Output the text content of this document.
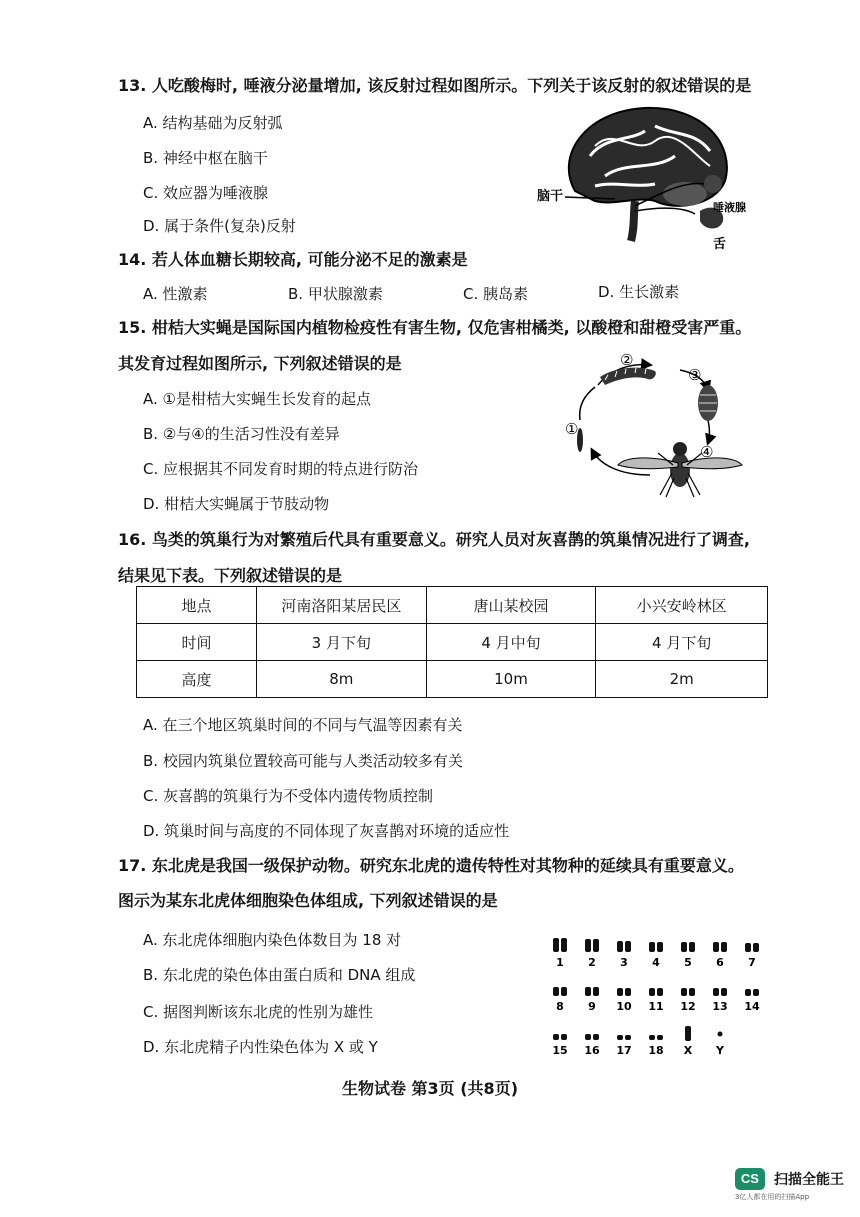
13. 人吃酸梅时, 唾液分泌量增加, 该反射过程如图所示。下列关于该反射的叙述错误的是
A. 结构基础为反射弧
B. 神经中枢在脑干
C. 效应器为唾液腺
D. 属于条件(复杂)反射
脑干
唾液腺
舌
14. 若人体血糖长期较高, 可能分泌不足的激素是
A. 性激素	B. 甲状腺激素	C. 胰岛素	D. 生长激素
15. 柑桔大实蝇是国际国内植物检疫性有害生物, 仅危害柑橘类, 以酸橙和甜橙受害严重。
其发育过程如图所示, 下列叙述错误的是
A. ①是柑桔大实蝇生长发育的起点
B. ②与④的生活习性没有差异
C. 应根据其不同发育时期的特点进行防治
D. 柑桔大实蝇属于节肢动物
①
②
③
④
16. 鸟类的筑巢行为对繁殖后代具有重要意义。研究人员对灰喜鹊的筑巢情况进行了调查,
结果见下表。下列叙述错误的是
地点	河南洛阳某居民区	唐山某校园	小兴安岭林区
时间	3 月下旬	4 月中旬	4 月下旬
高度	8m	10m	2m
A. 在三个地区筑巢时间的不同与气温等因素有关
B. 校园内筑巢位置较高可能与人类活动较多有关
C. 灰喜鹊的筑巢行为不受体内遗传物质控制
D. 筑巢时间与高度的不同体现了灰喜鹊对环境的适应性
17. 东北虎是我国一级保护动物。研究东北虎的遗传特性对其物种的延续具有重要意义。
图示为某东北虎体细胞染色体组成, 下列叙述错误的是
A. 东北虎体细胞内染色体数目为 18 对
B. 东北虎的染色体由蛋白质和 DNA 组成
C. 据图判断该东北虎的性别为雄性
D. 东北虎精子内性染色体为 X 或 Y
1 2 3 4 5 6 7
8 9 10 11 12 13 14
15 16 17 18 X Y
生物试卷 第3页 (共8页)
CS 扫描全能王
3亿人都在用的扫描App
